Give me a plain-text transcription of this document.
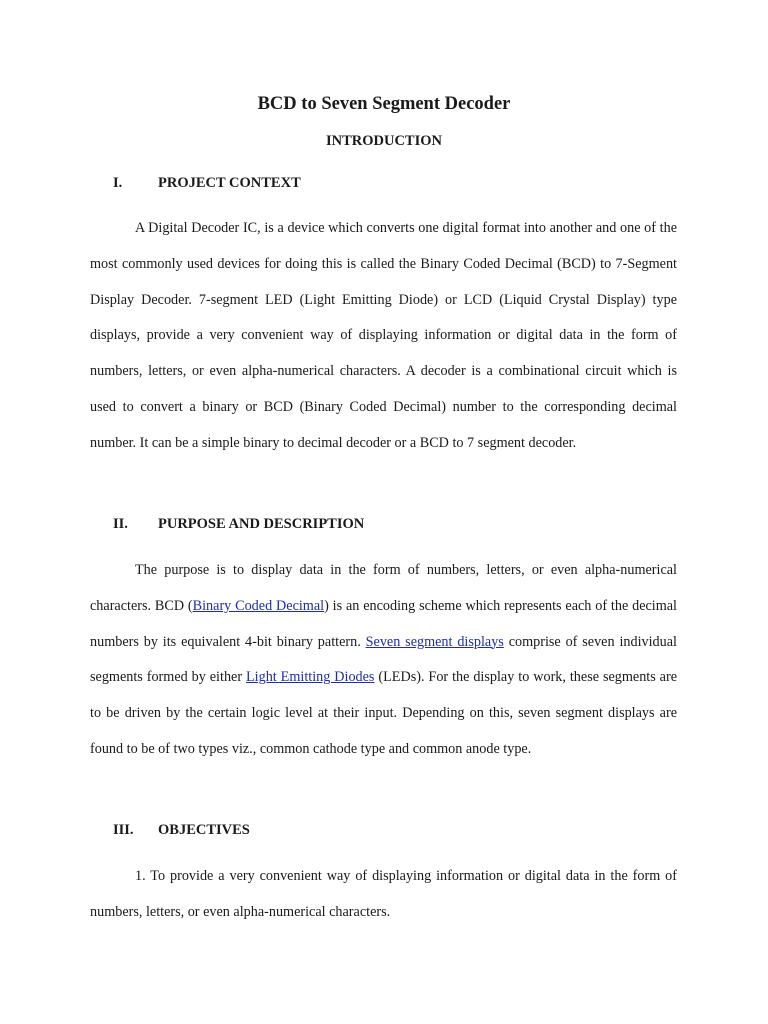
BCD to Seven Segment Decoder
INTRODUCTION
I. PROJECT CONTEXT

A Digital Decoder IC, is a device which converts one digital format into another and one of the most commonly used devices for doing this is called the Binary Coded Decimal (BCD) to 7-Segment Display Decoder. 7-segment LED (Light Emitting Diode) or LCD (Liquid Crystal Display) type displays, provide a very convenient way of displaying information or digital data in the form of numbers, letters, or even alpha-numerical characters. A decoder is a combinational circuit which is used to convert a binary or BCD (Binary Coded Decimal) number to the corresponding decimal number. It can be a simple binary to decimal decoder or a BCD to 7 segment decoder.

II. PURPOSE AND DESCRIPTION

The purpose is to display data in the form of numbers, letters, or even alpha-numerical characters. BCD (Binary Coded Decimal) is an encoding scheme which represents each of the decimal numbers by its equivalent 4-bit binary pattern. Seven segment displays comprise of seven individual segments formed by either Light Emitting Diodes (LEDs). For the display to work, these segments are to be driven by the certain logic level at their input. Depending on this, seven segment displays are found to be of two types viz., common cathode type and common anode type.

III. OBJECTIVES

1. To provide a very convenient way of displaying information or digital data in the form of numbers, letters, or even alpha-numerical characters.
